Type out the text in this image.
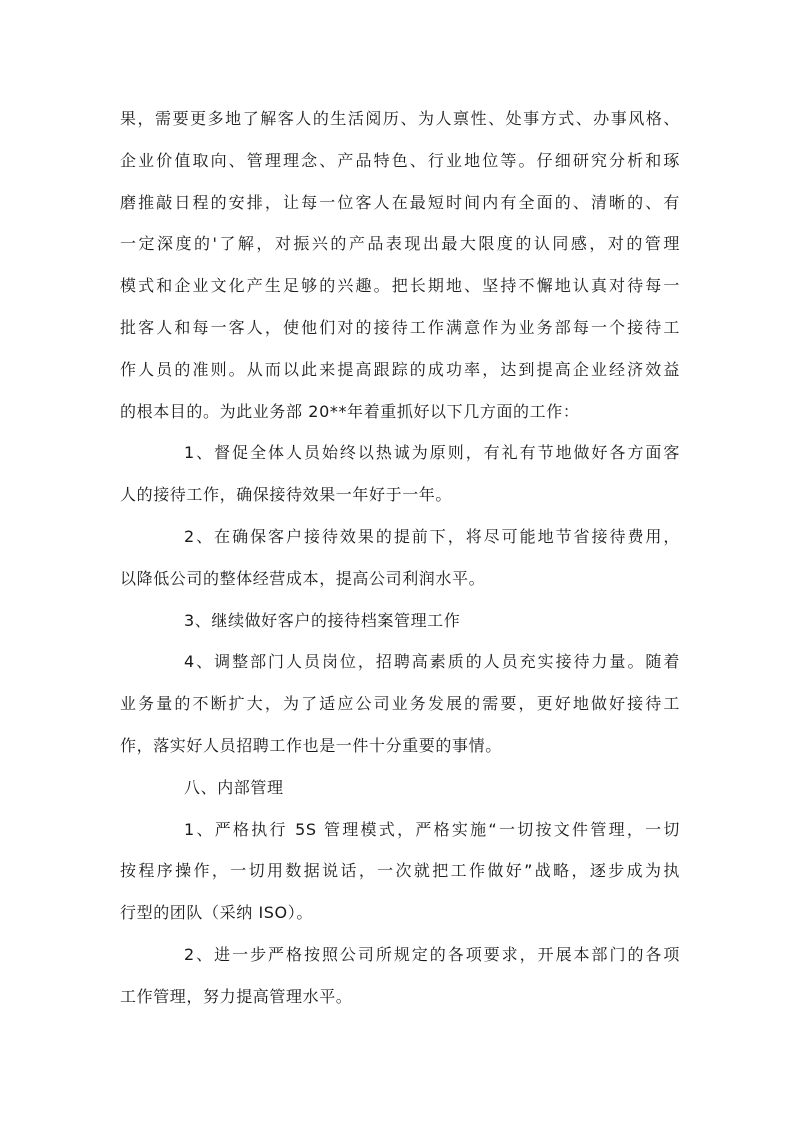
果，需要更多地了解客人的生活阅历、为人禀性、处事方式、办事风格、
企业价值取向、管理理念、产品特色、行业地位等。仔细研究分析和琢
磨推敲日程的安排，让每一位客人在最短时间内有全面的、清晰的、有
一定深度的'了解，对振兴的产品表现出最大限度的认同感，对的管理
模式和企业文化产生足够的兴趣。把长期地、坚持不懈地认真对待每一
批客人和每一客人，使他们对的接待工作满意作为业务部每一个接待工
作人员的准则。从而以此来提高跟踪的成功率，达到提高企业经济效益
的根本目的。为此业务部 20**年着重抓好以下几方面的工作：
1、督促全体人员始终以热诚为原则，有礼有节地做好各方面客
人的接待工作，确保接待效果一年好于一年。
2、在确保客户接待效果的提前下，将尽可能地节省接待费用，
以降低公司的整体经营成本，提高公司利润水平。
3、继续做好客户的接待档案管理工作
4、调整部门人员岗位，招聘高素质的人员充实接待力量。随着
业务量的不断扩大，为了适应公司业务发展的需要，更好地做好接待工
作，落实好人员招聘工作也是一件十分重要的事情。
八、内部管理
1、严格执行 5S 管理模式，严格实施“一切按文件管理，一切
按程序操作，一切用数据说话，一次就把工作做好”战略，逐步成为执
行型的团队（采纳 ISO）。
2、进一步严格按照公司所规定的各项要求，开展本部门的各项
工作管理，努力提高管理水平。
